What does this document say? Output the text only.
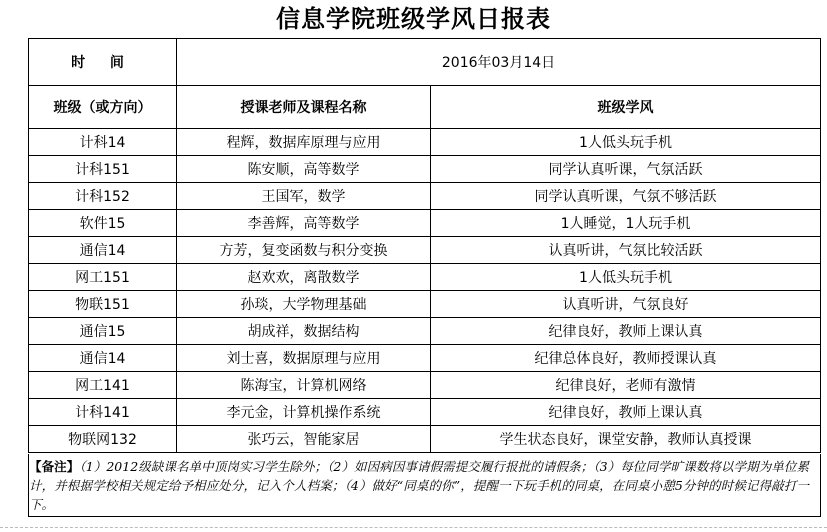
信息学院班级学风日报表
时 间	2016年03月14日	
班级（或方向）	授课老师及课程名称	班级学风
计科14	程辉，数据库原理与应用	1人低头玩手机
计科151	陈安顺，高等数学	同学认真听课，气氛活跃
计科152	王国军，数学	同学认真听课，气氛不够活跃
软件15	李善辉，高等数学	1人睡觉，1人玩手机
通信14	方芳，复变函数与积分变换	认真听讲，气氛比较活跃
网工151	赵欢欢，离散数学	1人低头玩手机
物联151	孙琰，大学物理基础	认真听讲，气氛良好
通信15	胡成祥，数据结构	纪律良好，教师上课认真
通信14	刘士喜，数据原理与应用	纪律总体良好，教师授课认真
网工141	陈海宝，计算机网络	纪律良好，老师有激情
计科141	李元金，计算机操作系统	纪律良好，教师上课认真
物联网132	张巧云，智能家居	学生状态良好，课堂安静，教师认真授课
【备注】（1）2012级缺课名单中顶岗实习学生除外；（2）如因病因事请假需提交履行报批的请假条；（3）每位同学旷课数将以学期为单位累计，并根据学校相关规定给予相应处分，记入个人档案；（4）做好“同桌的你”，提醒一下玩手机的同桌，在同桌小憩5分钟的时候记得敲打一下。
